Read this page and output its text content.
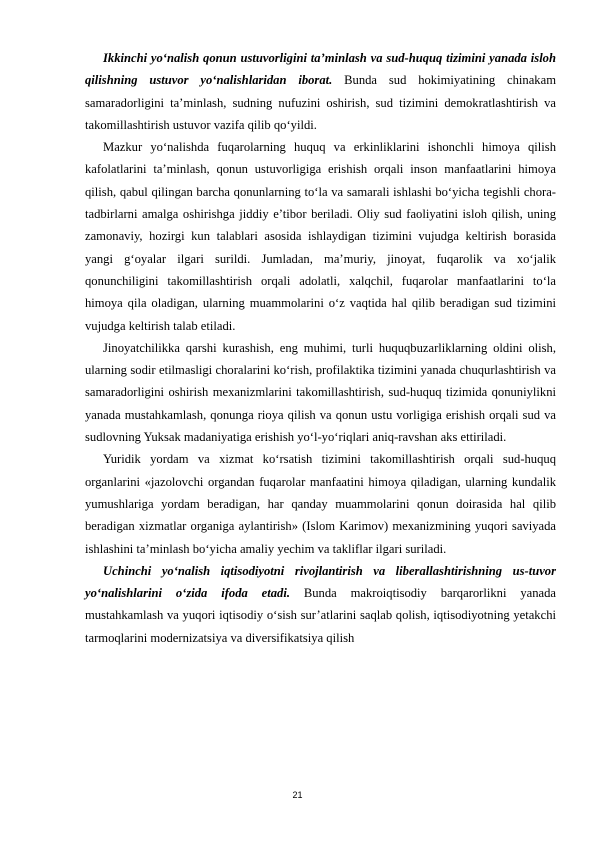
Ikkinchi yo‘nalish qonun ustuvorligini ta’minlash va sud-huquq tizimini yanada isloh qilishning ustuvor yo‘nalishlaridan iborat. Bunda sud hokimiyatining chinakam samaradorligini ta’minlash, sudning nufuzini oshirish, sud tizimini demokratlashtirish va takomillashtirish ustuvor vazifa qilib qo‘yildi.

Mazkur yo‘nalishda fuqarolarning huquq va erkinliklarini ishonchli himoya qilish kafolatlarini ta’minlash, qonun ustuvorligiga erishish orqali inson manfaatlarini himoya qilish, qabul qilingan barcha qonunlarning to‘la va samarali ishlashi bo‘yicha tegishli chora-tadbirlarni amalga oshirishga jiddiy e’tibor beriladi. Oliy sud faoliyatini isloh qilish, uning zamonaviy, hozirgi kun talablari asosida ishlaydigan tizimini vujudga keltirish borasida yangi g‘oyalar ilgari surildi. Jumladan, ma’muriy, jinoyat, fuqarolik va xo‘jalik qonunchiligini takomillashtirish orqali adolatli, xalqchil, fuqarolar manfaatlarini to‘la himoya qila oladigan, ularning muammolarini o‘z vaqtida hal qilib beradigan sud tizimini vujudga keltirish talab etiladi.

Jinoyatchilikka qarshi kurashish, eng muhimi, turli huquqbuzarliklarning oldini olish, ularning sodir etilmasligi choralarini ko‘rish, profilaktika tizimini yanada chuqurlashtirish va samaradorligini oshirish mexanizmlarini takomillashtirish, sud-huquq tizimida qonuniylikni yanada mustahkamlash, qonunga rioya qilish va qonun ustu vorligiga erishish orqali sud va sudlovning Yuksak madaniyatiga erishish yo‘l-yo‘riqlari aniq-ravshan aks ettiriladi.

Yuridik yordam va xizmat ko‘rsatish tizimini takomillashtirish orqali sud-huquq organlarini «jazolovchi organdan fuqarolar manfaatini himoya qiladigan, ularning kundalik yumushlariga yordam beradigan, har qanday muammolarini qonun doirasida hal qilib beradigan xizmatlar organiga aylantirish» (Islom Karimov) mexanizmining yuqori saviyada ishlashini ta’minlash bo‘yicha amaliy yechim va takliflar ilgari suriladi.

Uchinchi yo‘nalish iqtisodiyotni rivojlantirish va liberallashtirishning us-tuvor yo‘nalishlarini o‘zida ifoda etadi. Bunda makroiqtisodiy barqarorlikni yanada mustahkamlash va yuqori iqtisodiy o‘sish sur’atlarini saqlab qolish, iqtisodiyotning yetakchi tarmoqlarini modernizatsiya va diversifikatsiya qilish

21
